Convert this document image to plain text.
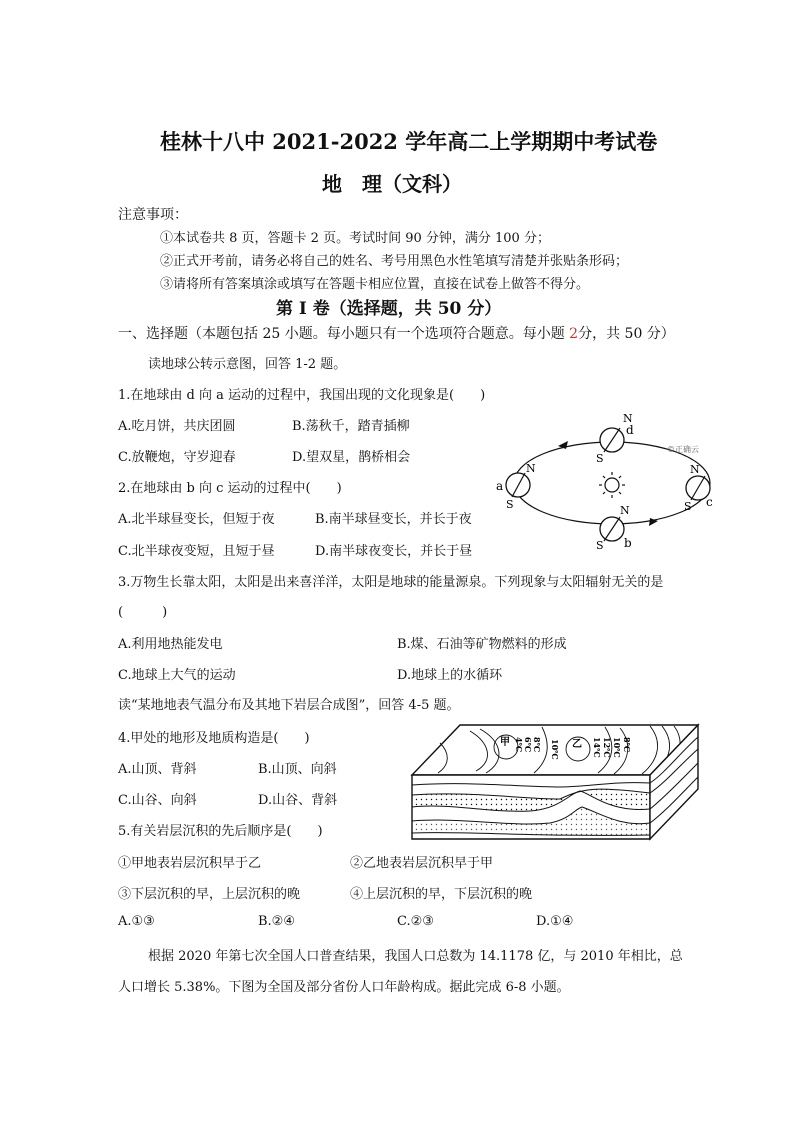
桂林十八中 2021-2022 学年高二上学期期中考试卷
地　理（文科）
注意事项：
①本试卷共 8 页，答题卡 2 页。考试时间 90 分钟，满分 100 分；
②正式开考前，请务必将自己的姓名、考号用黑色水性笔填写清楚并张贴条形码；
③请将所有答案填涂或填写在答题卡相应位置，直接在试卷上做答不得分。
第 I 卷（选择题，共 50 分）
一、选择题（本题包括 25 小题。每小题只有一个选项符合题意。每小题 2分，共 50 分）
读地球公转示意图，回答 1-2 题。
1.在地球由 d 向 a 运动的过程中，我国出现的文化现象是(　　)
A.吃月饼，共庆团圆	B.荡秋千，踏青插柳
C.放鞭炮，守岁迎春	D.望双星，鹊桥相会
2.在地球由 b 向 c 运动的过程中(　　)
A.北半球昼变长，但短于夜	B.南半球昼变长，并长于夜
C.北半球夜变短，且短于昼	D.南半球夜变长，并长于昼
N
d
S
©正确云
N
a
S
N
c
S
N
b
S
3.万物生长靠太阳，太阳是出来喜洋洋，太阳是地球的能量源泉。下列现象与太阳辐射无关的是
(　　　)
A.利用地热能发电	B.煤、石油等矿物燃料的形成
C.地球上大气的运动	D.地球上的水循环
读“某地地表气温分布及其地下岩层合成图”，回答 4-5 题。
4.甲处的地形及地质构造是(　　)
A.山顶、背斜	B.山顶、向斜
C.山谷、向斜	D.山谷、背斜
5.有关岩层沉积的先后顺序是(　　)
甲	乙
4℃ 6℃ 8℃ 10℃	14℃ 12℃ 10℃ 8℃
①甲地表岩层沉积早于乙	②乙地表岩层沉积早于甲
③下层沉积的早，上层沉积的晚	④上层沉积的早，下层沉积的晚
A.①③	B.②④	C.②③	D.①④
根据 2020 年第七次全国人口普查结果，我国人口总数为 14.1178 亿，与 2010 年相比，总
人口增长 5.38%。下图为全国及部分省份人口年龄构成。据此完成 6-8 小题。
